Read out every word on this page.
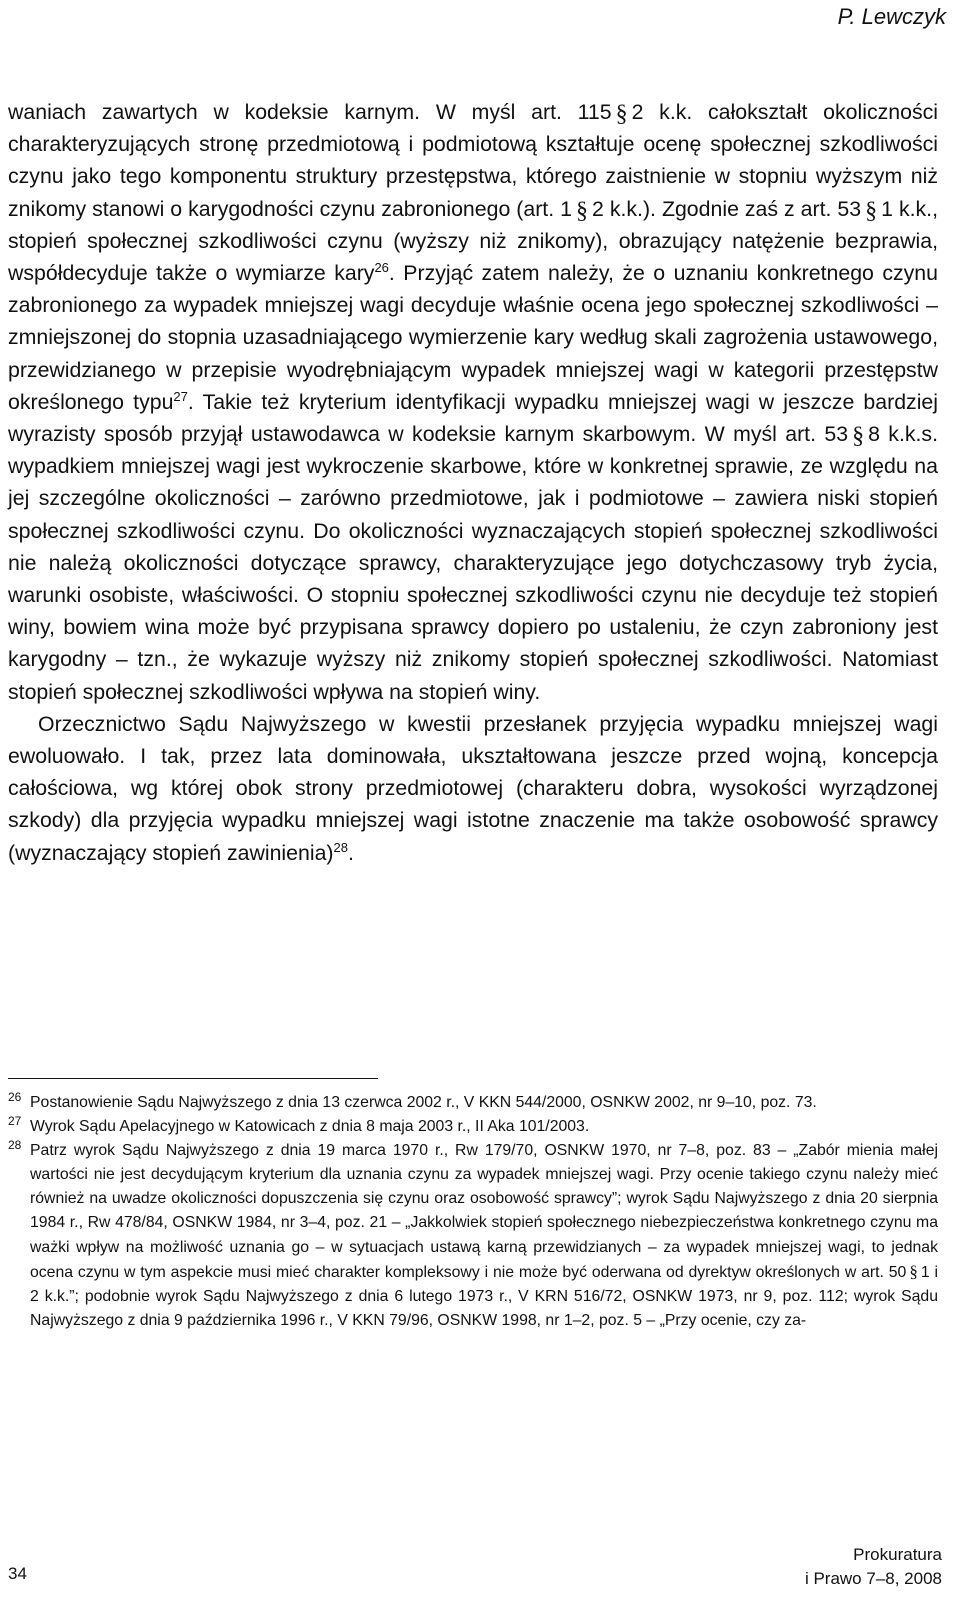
P. Lewczyk

waniach zawartych w kodeksie karnym. W myśl art. 115 § 2 k.k. całokształt okoliczności charakteryzujących stronę przedmiotową i podmiotową kształtuje ocenę społecznej szkodliwości czynu jako tego komponentu struktury przestępstwa, którego zaistnienie w stopniu wyższym niż znikomy stanowi o karygodności czynu zabronionego (art. 1 § 2 k.k.). Zgodnie zaś z art. 53 § 1 k.k., stopień społecznej szkodliwości czynu (wyższy niż znikomy), obrazujący natężenie bezprawia, współdecyduje także o wymiarze kary$^{26}$. Przyjąć zatem należy, że o uznaniu konkretnego czynu zabronionego za wypadek mniejszej wagi decyduje właśnie ocena jego społecznej szkodliwości – zmniejszonej do stopnia uzasadniającego wymierzenie kary według skali zagrożenia ustawowego, przewidzianego w przepisie wyodrębniającym wypadek mniejszej wagi w kategorii przestępstw określonego typu$^{27}$. Takie też kryterium identyfikacji wypadku mniejszej wagi w jeszcze bardziej wyrazisty sposób przyjął ustawodawca w kodeksie karnym skarbowym. W myśl art. 53 § 8 k.k.s. wypadkiem mniejszej wagi jest wykroczenie skarbowe, które w konkretnej sprawie, ze względu na jej szczególne okoliczności – zarówno przedmiotowe, jak i podmiotowe – zawiera niski stopień społecznej szkodliwości czynu. Do okoliczności wyznaczających stopień społecznej szkodliwości nie należą okoliczności dotyczące sprawcy, charakteryzujące jego dotychczasowy tryb życia, warunki osobiste, właściwości. O stopniu społecznej szkodliwości czynu nie decyduje też stopień winy, bowiem wina może być przypisana sprawcy dopiero po ustaleniu, że czyn zabroniony jest karygodny – tzn., że wykazuje wyższy niż znikomy stopień społecznej szkodliwości. Natomiast stopień społecznej szkodliwości wpływa na stopień winy.

Orzecznictwo Sądu Najwyższego w kwestii przesłanek przyjęcia wypadku mniejszej wagi ewoluowało. I tak, przez lata dominowała, ukształtowana jeszcze przed wojną, koncepcja całościowa, wg której obok strony przedmiotowej (charakteru dobra, wysokości wyrządzonej szkody) dla przyjęcia wypadku mniejszej wagi istotne znaczenie ma także osobowość sprawcy (wyznaczający stopień zawinienia)$^{28}$.

26 Postanowienie Sądu Najwyższego z dnia 13 czerwca 2002 r., V KKN 544/2000, OSNKW 2002, nr 9–10, poz. 73.
27 Wyrok Sądu Apelacyjnego w Katowicach z dnia 8 maja 2003 r., II Aka 101/2003.
28 Patrz wyrok Sądu Najwyższego z dnia 19 marca 1970 r., Rw 179/70, OSNKW 1970, nr 7–8, poz. 83 – „Zabór mienia małej wartości nie jest decydującym kryterium dla uznania czynu za wypadek mniejszej wagi. Przy ocenie takiego czynu należy mieć również na uwadze okoliczności dopuszczenia się czynu oraz osobowość sprawcy”; wyrok Sądu Najwyższego z dnia 20 sierpnia 1984 r., Rw 478/84, OSNKW 1984, nr 3–4, poz. 21 – „Jakkolwiek stopień społecznego niebezpieczeństwa konkretnego czynu ma ważki wpływ na możliwość uznania go – w sytuacjach ustawą karną przewidzianych – za wypadek mniejszej wagi, to jednak ocena czynu w tym aspekcie musi mieć charakter kompleksowy i nie może być oderwana od dyrektyw określonych w art. 50 § 1 i 2 k.k.”; podobnie wyrok Sądu Najwyższego z dnia 6 lutego 1973 r., V KRN 516/72, OSNKW 1973, nr 9, poz. 112; wyrok Sądu Najwyższego z dnia 9 października 1996 r., V KKN 79/96, OSNKW 1998, nr 1–2, poz. 5 – „Przy ocenie, czy za-
34
Prokuratura
i Prawo 7–8, 2008
